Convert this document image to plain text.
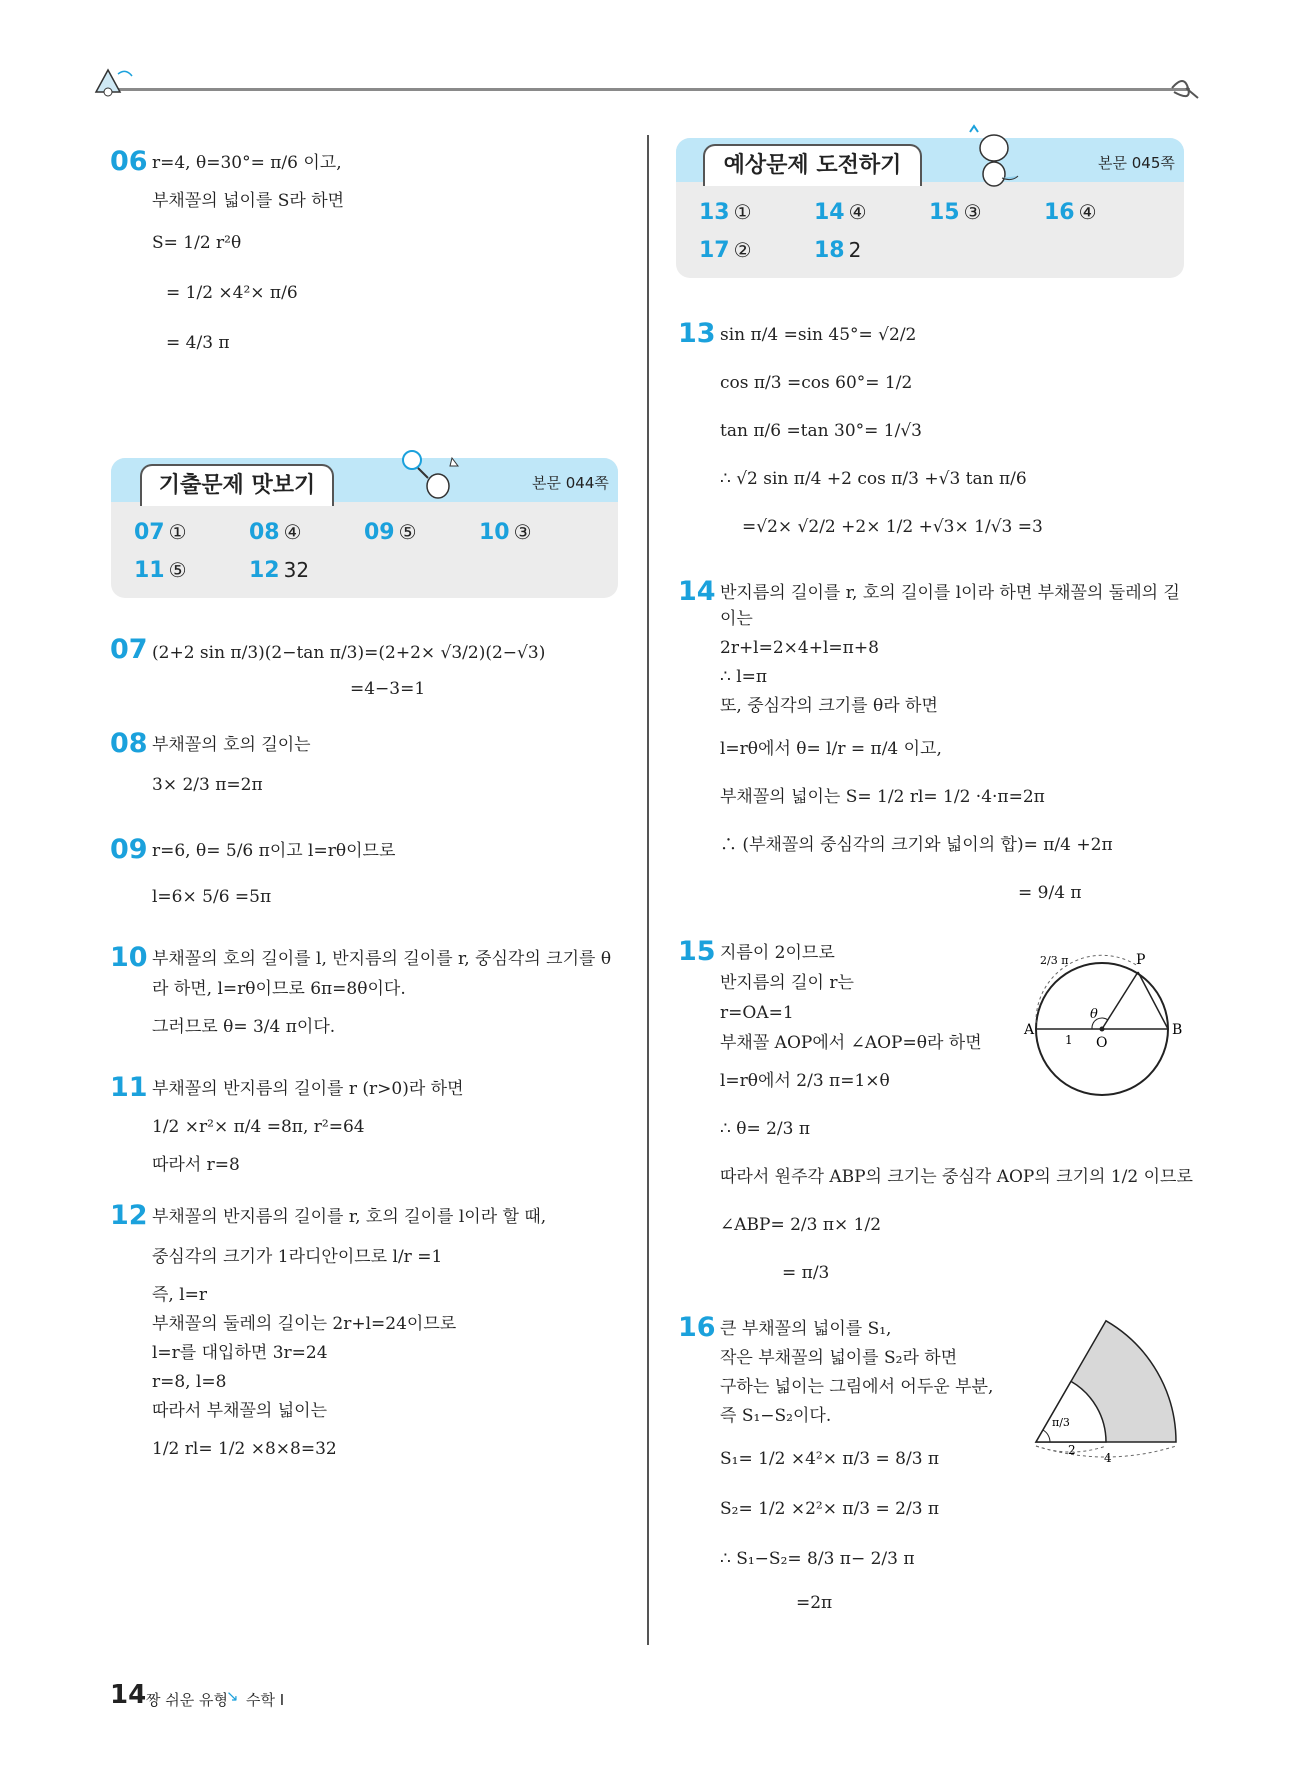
06 r=4, θ=30°= π/6 이고,
부채꼴의 넓이를 S라 하면
S= 1/2 r²θ
= 1/2 ×4²× π/6
= 4/3 π
기출문제 맛보기	본문 044쪽
07 ①	08 ④	09 ⑤	10 ③
11 ⑤	12 32
07 (2+2 sin π/3)(2−tan π/3)=(2+2× √3/2)(2−√3)
=4−3=1
08 부채꼴의 호의 길이는
3× 2/3 π=2π
09 r=6, θ= 5/6 π이고 l=rθ이므로
l=6× 5/6 =5π
10 부채꼴의 호의 길이를 l, 반지름의 길이를 r, 중심각의 크기를 θ
라 하면, l=rθ이므로 6π=8θ이다.
그러므로 θ= 3/4 π이다.
11 부채꼴의 반지름의 길이를 r (r>0)라 하면
1/2 ×r²× π/4 =8π, r²=64
따라서 r=8
12 부채꼴의 반지름의 길이를 r, 호의 길이를 l이라 할 때,
중심각의 크기가 1라디안이므로 l/r =1
즉, l=r
부채꼴의 둘레의 길이는 2r+l=24이므로
l=r를 대입하면 3r=24
r=8, l=8
따라서 부채꼴의 넓이는
1/2 rl= 1/2 ×8×8=32
예상문제 도전하기	본문 045쪽
13 ①	14 ④	15 ③	16 ④
17 ②	18 2
13 sin π/4 =sin 45°= √2/2
cos π/3 =cos 60°= 1/2
tan π/6 =tan 30°= 1/√3
∴ √2 sin π/4 +2 cos π/3 +√3 tan π/6
=√2× √2/2 +2× 1/2 +√3× 1/√3 =3
14 반지름의 길이를 r, 호의 길이를 l이라 하면 부채꼴의 둘레의 길
이는
2r+l=2×4+l=π+8
∴ l=π
또, 중심각의 크기를 θ라 하면
l=rθ에서 θ= l/r = π/4 이고,
부채꼴의 넓이는 S= 1/2 rl= 1/2 ·4·π=2π
∴ (부채꼴의 중심각의 크기와 넓이의 합)= π/4 +2π
= 9/4 π
15 지름이 2이므로
반지름의 길이 r는
r=OA=1
부채꼴 AOP에서 ∠AOP=θ라 하면
l=rθ에서 2/3 π=1×θ
∴ θ= 2/3 π
따라서 원주각 ABP의 크기는 중심각 AOP의 크기의 1/2 이므로
∠ABP= 2/3 π× 1/2
= π/3
A	B
P
O
θ
1
2/3 π
16 큰 부채꼴의 넓이를 S₁,
작은 부채꼴의 넓이를 S₂라 하면
구하는 넓이는 그림에서 어두운 부분,
즉 S₁−S₂이다.
S₁= 1/2 ×4²× π/3 = 8/3 π
S₂= 1/2 ×2²× π/3 = 2/3 π
∴ S₁−S₂= 8/3 π− 2/3 π
=2π
π/3
2
4
14 짱 쉬운 유형
↘ 수학 I
